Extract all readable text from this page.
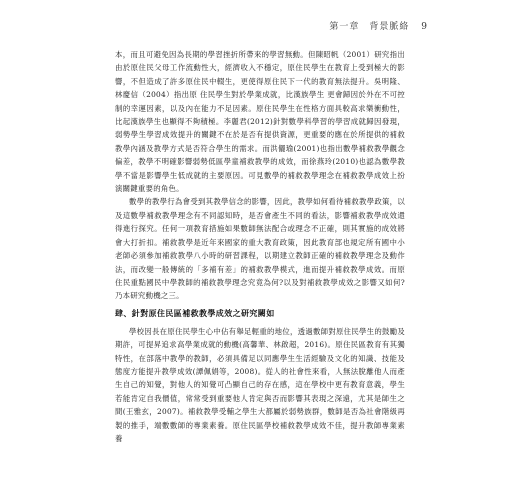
第一章　背景脈絡 9

本，而且可避免因為長期的學習挫折所帶來的學習無動。但陳昭帆（2001）研究指出由於原住民父母工作流動性大，經濟收入不穩定，原住民學生在教育上受到極大的影響，不但造成了許多原住民中輟生，更使得原住民下一代的教育無法提升。吳明隆、林慶信（2004）指出原 住民學生對於學業成就，比漢族學生 更會歸因於外在不可控制的幸運因素，以及內在能力不足因素。原住民學生在性格方面具較高求樂衝動性，比起漢族學生也顯得不夠積極。李麗君(2012)針對數學科學習的學習成就歸因發現，弱勢學生學習成效提升的關鍵不在於是否有提供資源，更重要的應在於所提供的補救教學內涵及教學方式是否符合學生的需求。而洪儷瑜(2001)也指出數學補救教學觀念偏差，教學不明確影響弱勢低區學童補救教學的成效，而徐燕玲(2010)也認為數學教學不當是影響學生低成就的主要原因。可見數學的補救教學理念在補救教學成效上扮演關鍵重要的角色。

數學的教學行為會受到其教學信念的影響，因此，教學如何看待補救教學政策，以及這數學補救教學理念有不同認知時，是否會產生不同的看法，影響補救教學成效還得進行探究。任何一項教育措施如果數師無法配合或理念不正確，則其實施的成效將會大打折扣。補救教學是近年來國家的重大教育政策，因此教育部也規定所有國中小老師必須參加補救教學八小時的研習課程，以期建立教師正確的補救教學理念及動作法，而改變一般傳統的「多補有差」的補救教學模式，進而提升補救教學成效。而原住民重點國民中學教師的補救教學理念究竟為何?以及對補救教學成效之影響又如何?乃本研究動機之三。

肆、針對原住民區補救教學成效之研究闕如

學校因長在原住民學生心中佔有舉足輕重的地位，透過數師對原住民學生的鼓勵及期許，可提昇追求高學業成就的動機(高馨華、林啟超，2016)。原住民區教育有其獨特性，在部落中教學的教師，必須具備足以同應學生生活經驗及文化的知識、技能及態度方能提升教學成效(譚佩娟等，2008)。從人的社會性來看，人無法脫離他人而產生自己的知覺，對他人的知覺可凸顯自己的存在感，這在學校中更有教育意義，學生若能肯定自我價值，常常受到重要他人肯定與否而影響其表現之深遠，尤其是師生之間(王雅玄，2007)。補救教學受輔之學生大都屬於弱勢族群，數師是否為社會階級再製的推手，端數數師的專業素養。原住民區學校補救教學成效不佳，提升教師專業素養
